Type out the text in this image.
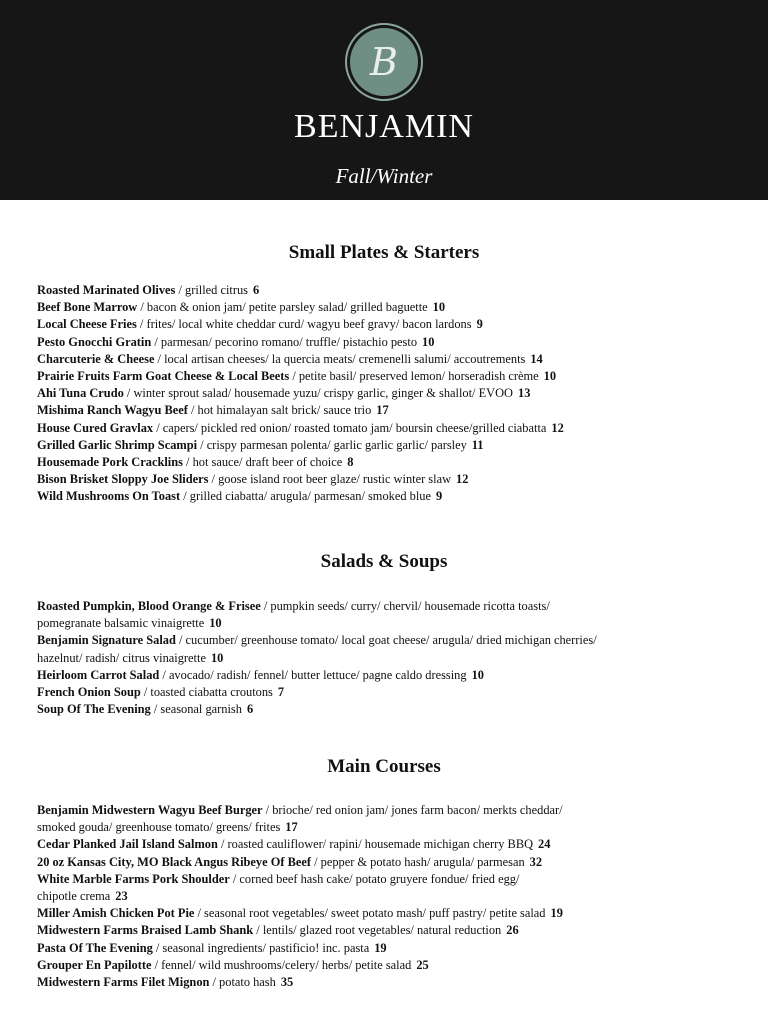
B
BENJAMIN
Fall/Winter
Small Plates & Starters
Roasted Marinated Olives / grilled citrus 6
Beef Bone Marrow / bacon & onion jam/ petite parsley salad/ grilled baguette 10
Local Cheese Fries / frites/ local white cheddar curd/ wagyu beef gravy/ bacon lardons 9
Pesto Gnocchi Gratin / parmesan/ pecorino romano/ truffle/ pistachio pesto 10
Charcuterie & Cheese / local artisan cheeses/ la quercia meats/ cremenelli salumi/ accoutrements 14
Prairie Fruits Farm Goat Cheese & Local Beets / petite basil/ preserved lemon/ horseradish crème 10
Ahi Tuna Crudo / winter sprout salad/ housemade yuzu/ crispy garlic, ginger & shallot/ EVOO 13
Mishima Ranch Wagyu Beef / hot himalayan salt brick/ sauce trio 17
House Cured Gravlax / capers/ pickled red onion/ roasted tomato jam/ boursin cheese/grilled ciabatta 12
Grilled Garlic Shrimp Scampi / crispy parmesan polenta/ garlic garlic garlic/ parsley 11
Housemade Pork Cracklins / hot sauce/ draft beer of choice 8
Bison Brisket Sloppy Joe Sliders / goose island root beer glaze/ rustic winter slaw 12
Wild Mushrooms On Toast / grilled ciabatta/ arugula/ parmesan/ smoked blue 9
Salads & Soups
Roasted Pumpkin, Blood Orange & Frisee / pumpkin seeds/ curry/ chervil/ housemade ricotta toasts/
pomegranate balsamic vinaigrette 10
Benjamin Signature Salad / cucumber/ greenhouse tomato/ local goat cheese/ arugula/ dried michigan cherries/
hazelnut/ radish/ citrus vinaigrette 10
Heirloom Carrot Salad / avocado/ radish/ fennel/ butter lettuce/ pagne caldo dressing 10
French Onion Soup / toasted ciabatta croutons 7
Soup Of The Evening / seasonal garnish 6
Main Courses
Benjamin Midwestern Wagyu Beef Burger / brioche/ red onion jam/ jones farm bacon/ merkts cheddar/
smoked gouda/ greenhouse tomato/ greens/ frites 17
Cedar Planked Jail Island Salmon / roasted cauliflower/ rapini/ housemade michigan cherry BBQ 24
20 oz Kansas City, MO Black Angus Ribeye Of Beef / pepper & potato hash/ arugula/ parmesan 32
White Marble Farms Pork Shoulder / corned beef hash cake/ potato gruyere fondue/ fried egg/
chipotle crema 23
Miller Amish Chicken Pot Pie / seasonal root vegetables/ sweet potato mash/ puff pastry/ petite salad 19
Midwestern Farms Braised Lamb Shank / lentils/ glazed root vegetables/ natural reduction 26
Pasta Of The Evening / seasonal ingredients/ pastificio! inc. pasta 19
Grouper En Papilotte / fennel/ wild mushrooms/celery/ herbs/ petite salad 25
Midwestern Farms Filet Mignon / potato hash 35
